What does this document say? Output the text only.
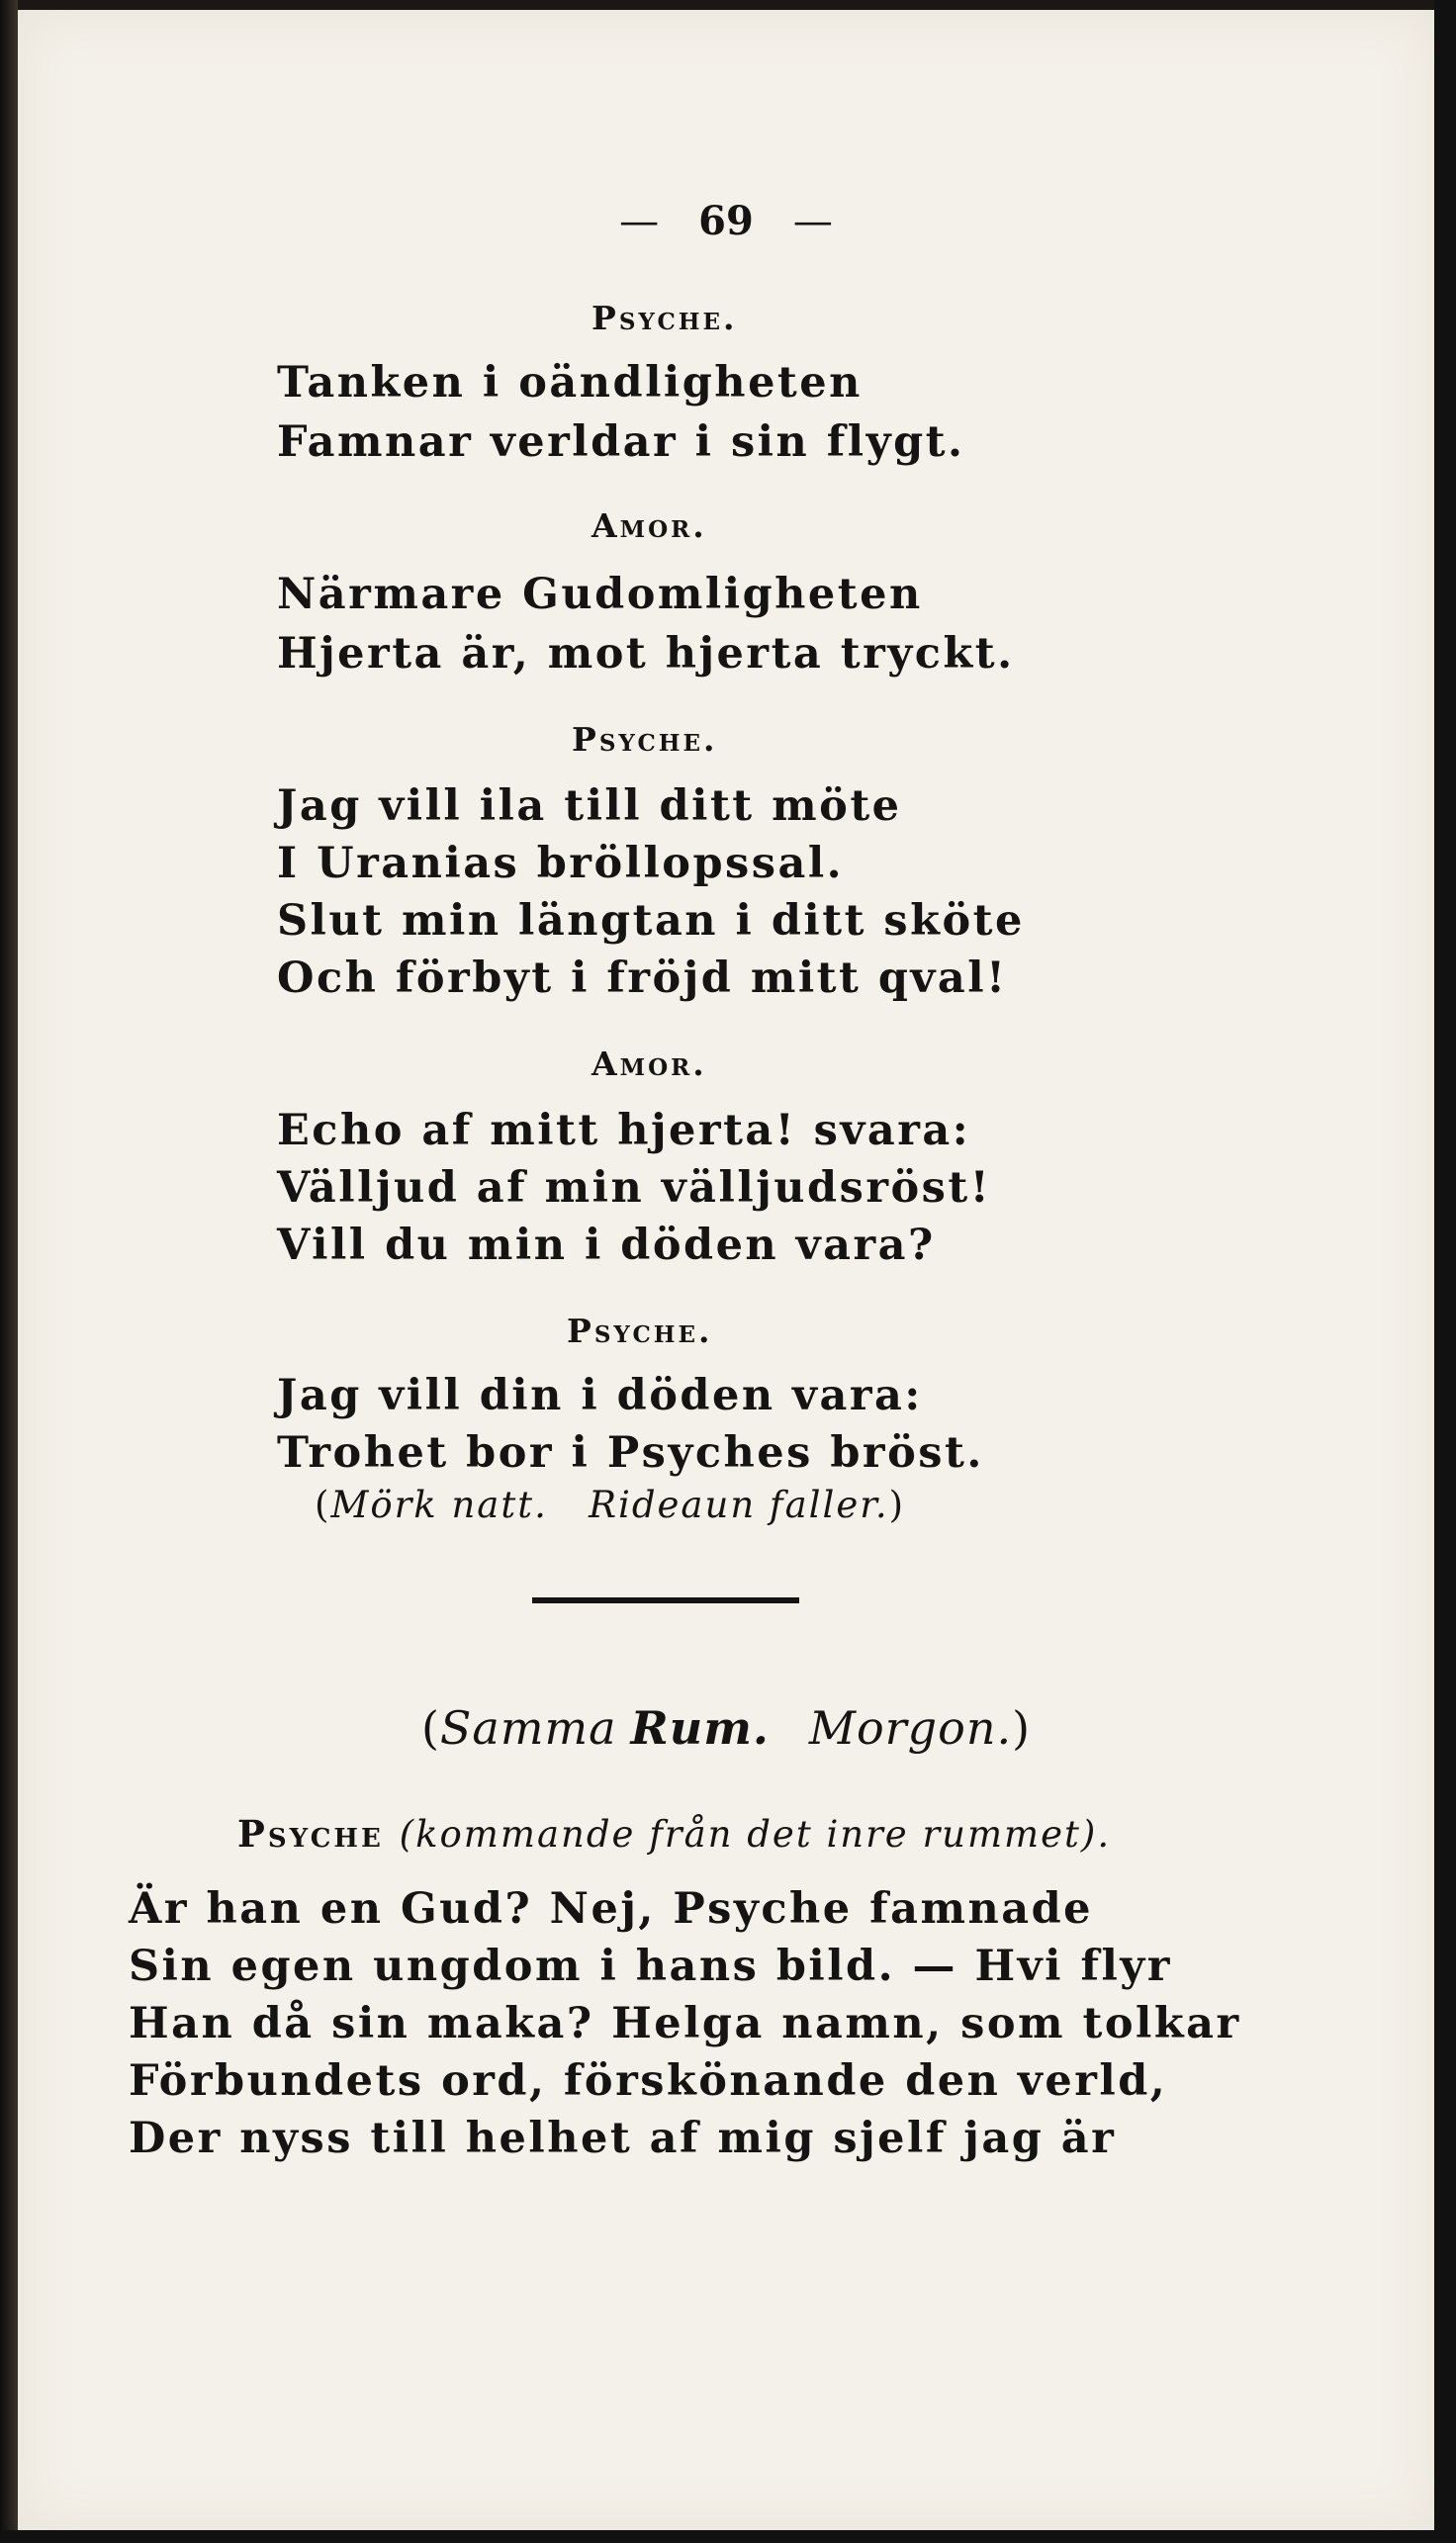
— 69 —
Psyche.
Tanken i oändligheten
Famnar verldar i sin flygt.
Amor.
Närmare Gudomligheten
Hjerta är, mot hjerta tryckt.
Psyche.
Jag vill ila till ditt möte
I Uranias bröllopssal.
Slut min längtan i ditt sköte
Och förbyt i fröjd mitt qval!
Amor.
Echo af mitt hjerta! svara:
Välljud af min välljudsröst!
Vill du min i döden vara?
Psyche.
Jag vill din i döden vara:
Trohet bor i Psyches bröst.
(Mörk natt. Rideaun faller.)
(Samma Rum. Morgon.)
Psyche (kommande från det inre rummet).
Är han en Gud? Nej, Psyche famnade
Sin egen ungdom i hans bild. — Hvi flyr
Han då sin maka? Helga namn, som tolkar
Förbundets ord, förskönande den verld,
Der nyss till helhet af mig sjelf jag är
